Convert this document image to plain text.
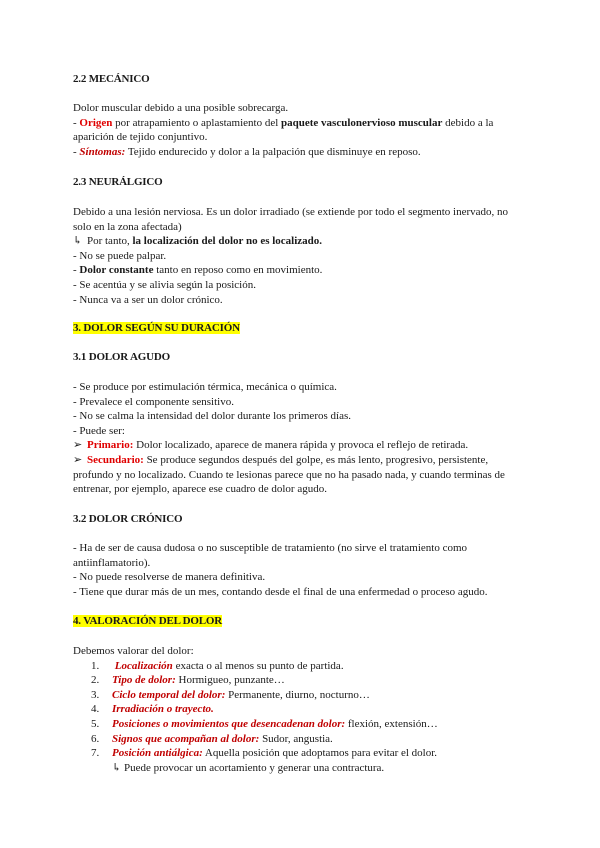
2.2 MECÁNICO

Dolor muscular debido a una posible sobrecarga.

- Origen por atrapamiento o aplastamiento del paquete vasculonervioso muscular debido a la aparición de tejido conjuntivo.

- Síntomas: Tejido endurecido y dolor a la palpación que disminuye en reposo.

2.3 NEURÁLGICO

Debido a una lesión nerviosa. Es un dolor irradiado (se extiende por todo el segmento inervado, no solo en la zona afectada)

↳ Por tanto, la localización del dolor no es localizado.

- No se puede palpar.

- Dolor constante tanto en reposo como en movimiento.

- Se acentúa y se alivia según la posición.

- Nunca va a ser un dolor crónico.

3. DOLOR SEGÚN SU DURACIÓN
3.1 DOLOR AGUDO

- Se produce por estimulación térmica, mecánica o química.

- Prevalece el componente sensitivo.

- No se calma la intensidad del dolor durante los primeros días.

- Puede ser:

➢ Primario: Dolor localizado, aparece de manera rápida y provoca el reflejo de retirada.

➢ Secundario: Se produce segundos después del golpe, es más lento, progresivo, persistente, profundo y no localizado. Cuando te lesionas parece que no ha pasado nada, y cuando terminas de entrenar, por ejemplo, aparece ese cuadro de dolor agudo.

3.2 DOLOR CRÓNICO

- Ha de ser de causa dudosa o no susceptible de tratamiento (no sirve el tratamiento como antiinflamatorio).

- No puede resolverse de manera definitiva.

- Tiene que durar más de un mes, contando desde el final de una enfermedad o proceso agudo.

4. VALORACIÓN DEL DOLOR

Debemos valorar del dolor:

1.	Localización exacta o al menos su punto de partida.
2.	Tipo de dolor: Hormigueo, punzante…
3.	Ciclo temporal del dolor: Permanente, diurno, nocturno…
4.	Irradiación o trayecto.
5.	Posiciones o movimientos que desencadenan dolor: flexión, extensión…
6.	Signos que acompañan al dolor: Sudor, angustia.
7.	Posición antiálgica: Aquella posición que adoptamos para evitar el dolor.
↳ Puede provocar un acortamiento y generar una contractura.
